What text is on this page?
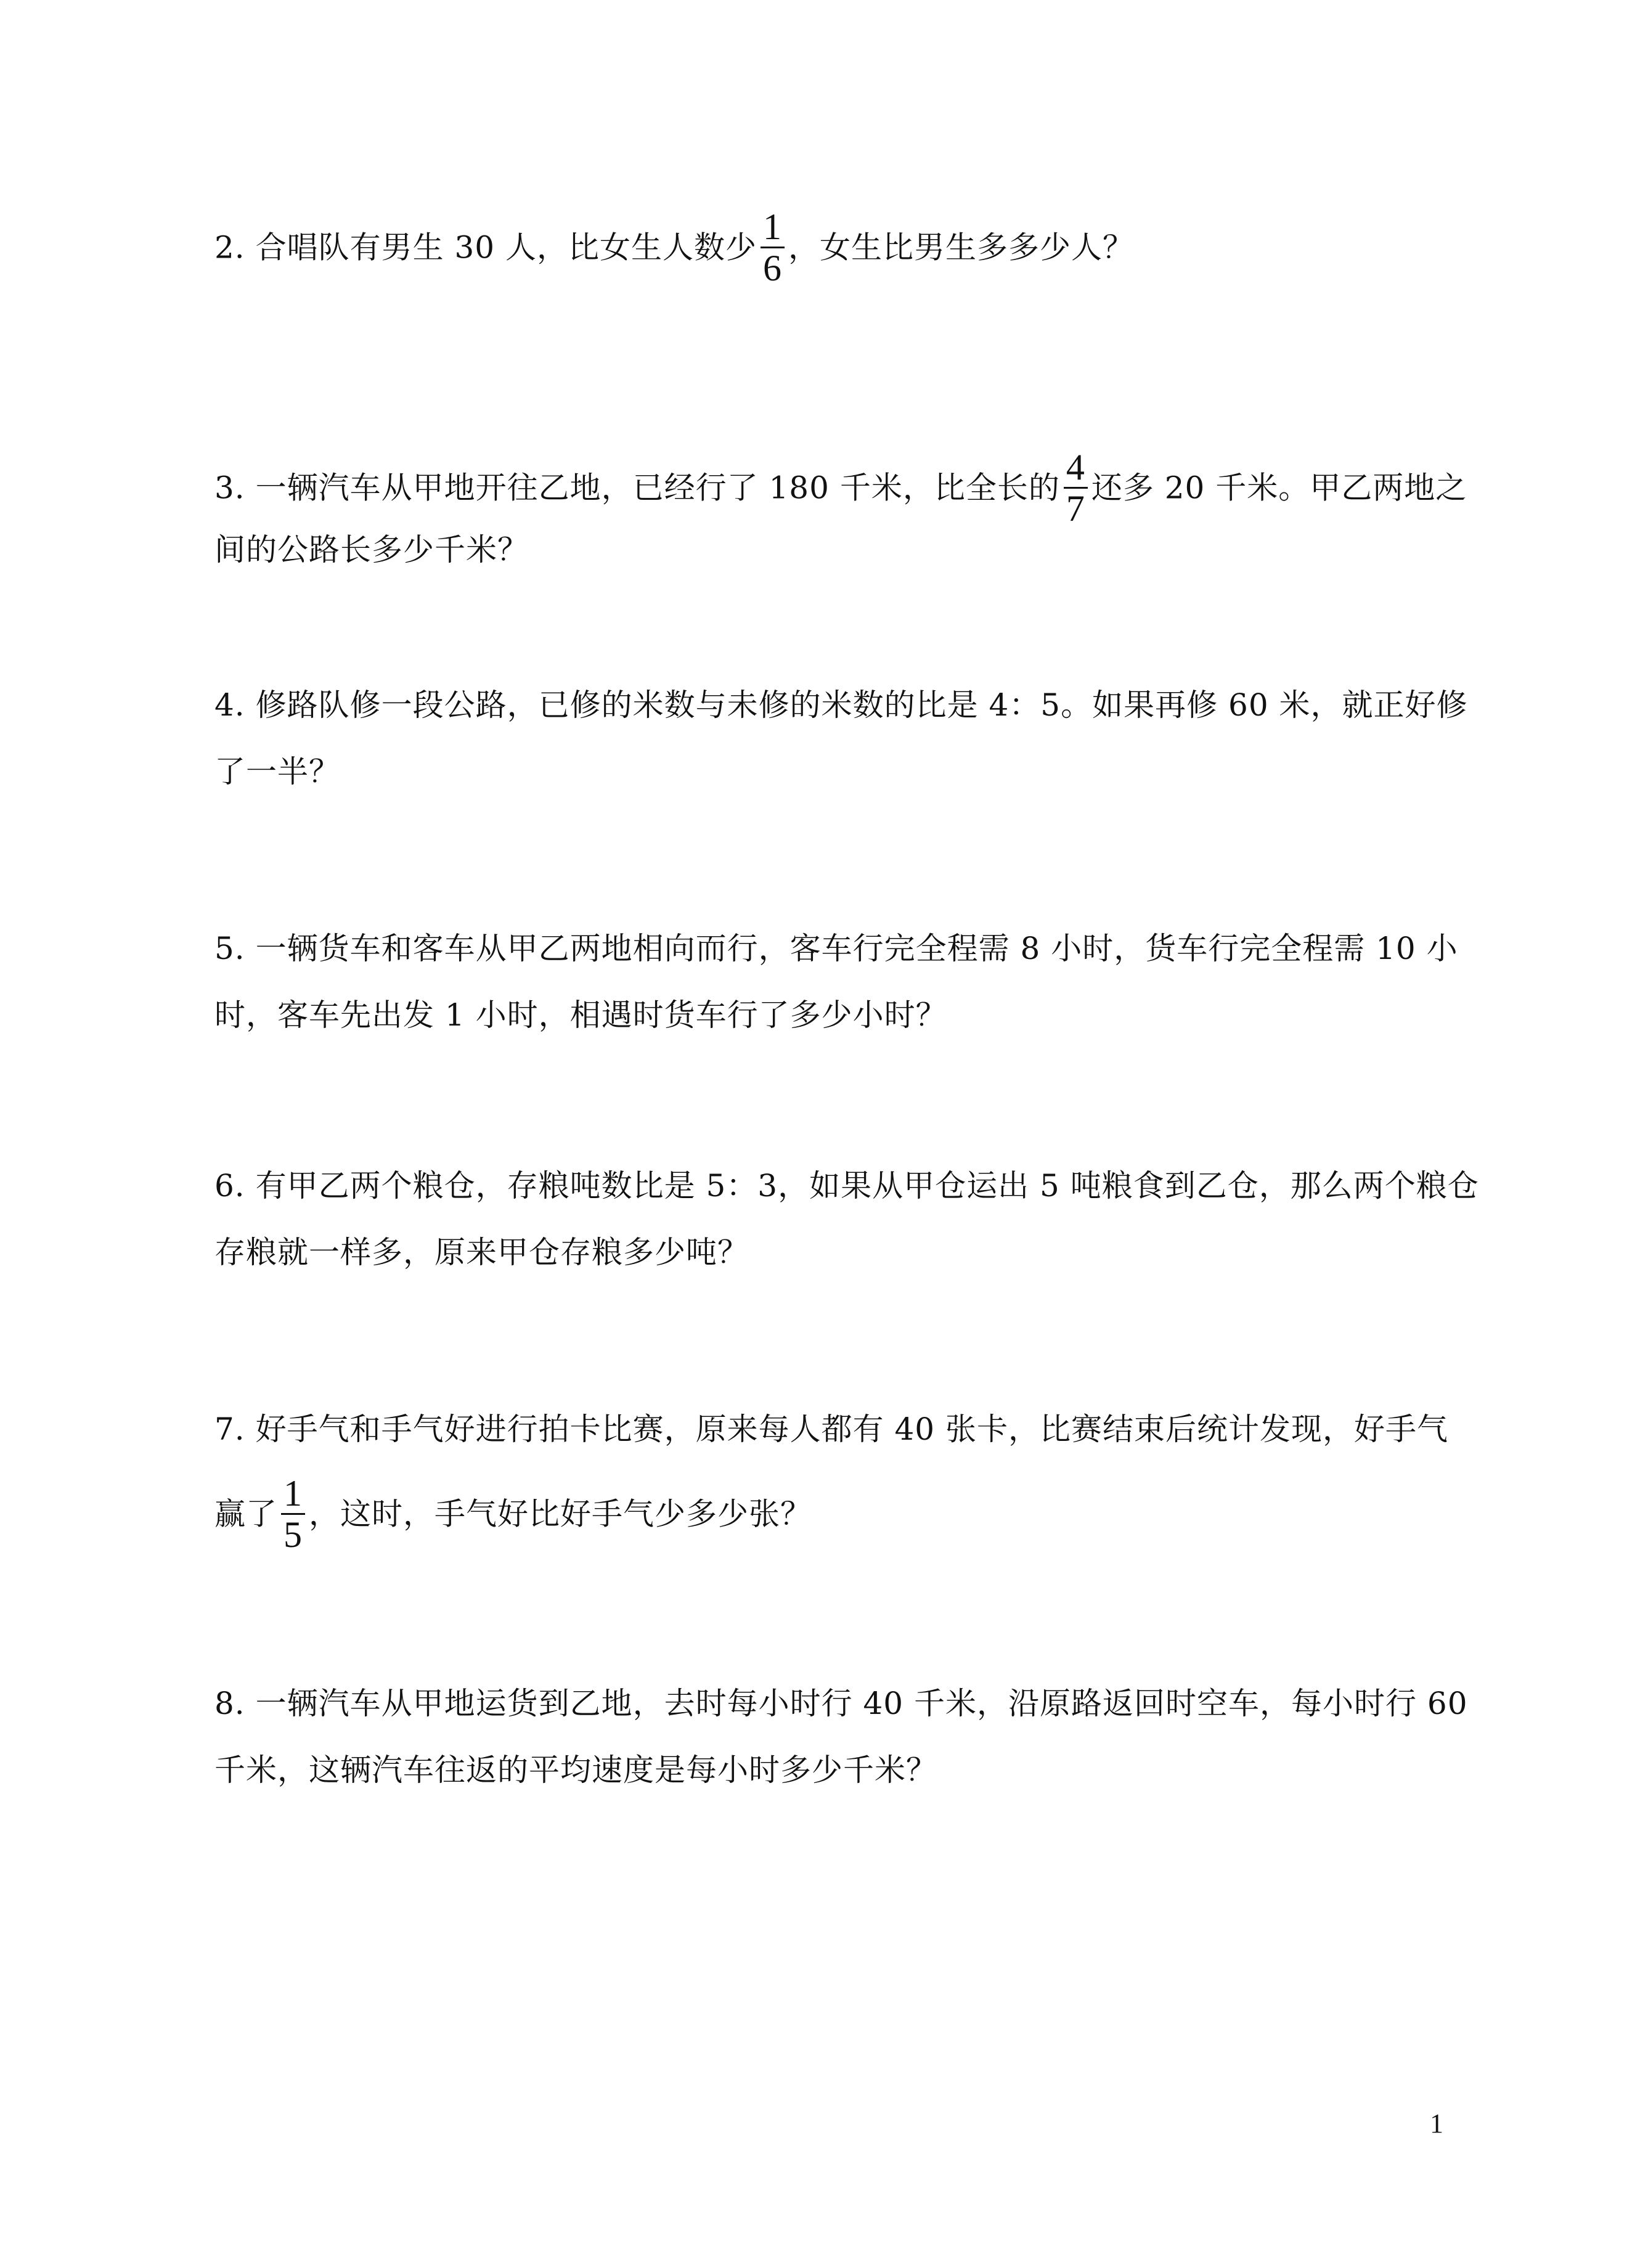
2. 合唱队有男生 30 人，比女生人数少 $\frac{1}{6}$ ，女生比男生多多少人？
3. 一辆汽车从甲地开往乙地，已经行了 180 千米，比全长的 $\frac{4}{7}$ 还多 20 千米。甲乙两地之
间的公路长多少千米？
4. 修路队修一段公路，已修的米数与未修的米数的比是 4：5。如果再修 60 米，就正好修
了一半？
5. 一辆货车和客车从甲乙两地相向而行，客车行完全程需 8 小时，货车行完全程需 10 小
时，客车先出发 1 小时，相遇时货车行了多少小时？
6. 有甲乙两个粮仓，存粮吨数比是 5：3，如果从甲仓运出 5 吨粮食到乙仓，那么两个粮仓
存粮就一样多，原来甲仓存粮多少吨？
7. 好手气和手气好进行拍卡比赛，原来每人都有 40 张卡，比赛结束后统计发现，好手气
赢了 $\frac{1}{5}$ ，这时，手气好比好手气少多少张？
8. 一辆汽车从甲地运货到乙地，去时每小时行 40 千米，沿原路返回时空车，每小时行 60
千米，这辆汽车往返的平均速度是每小时多少千米？
1
